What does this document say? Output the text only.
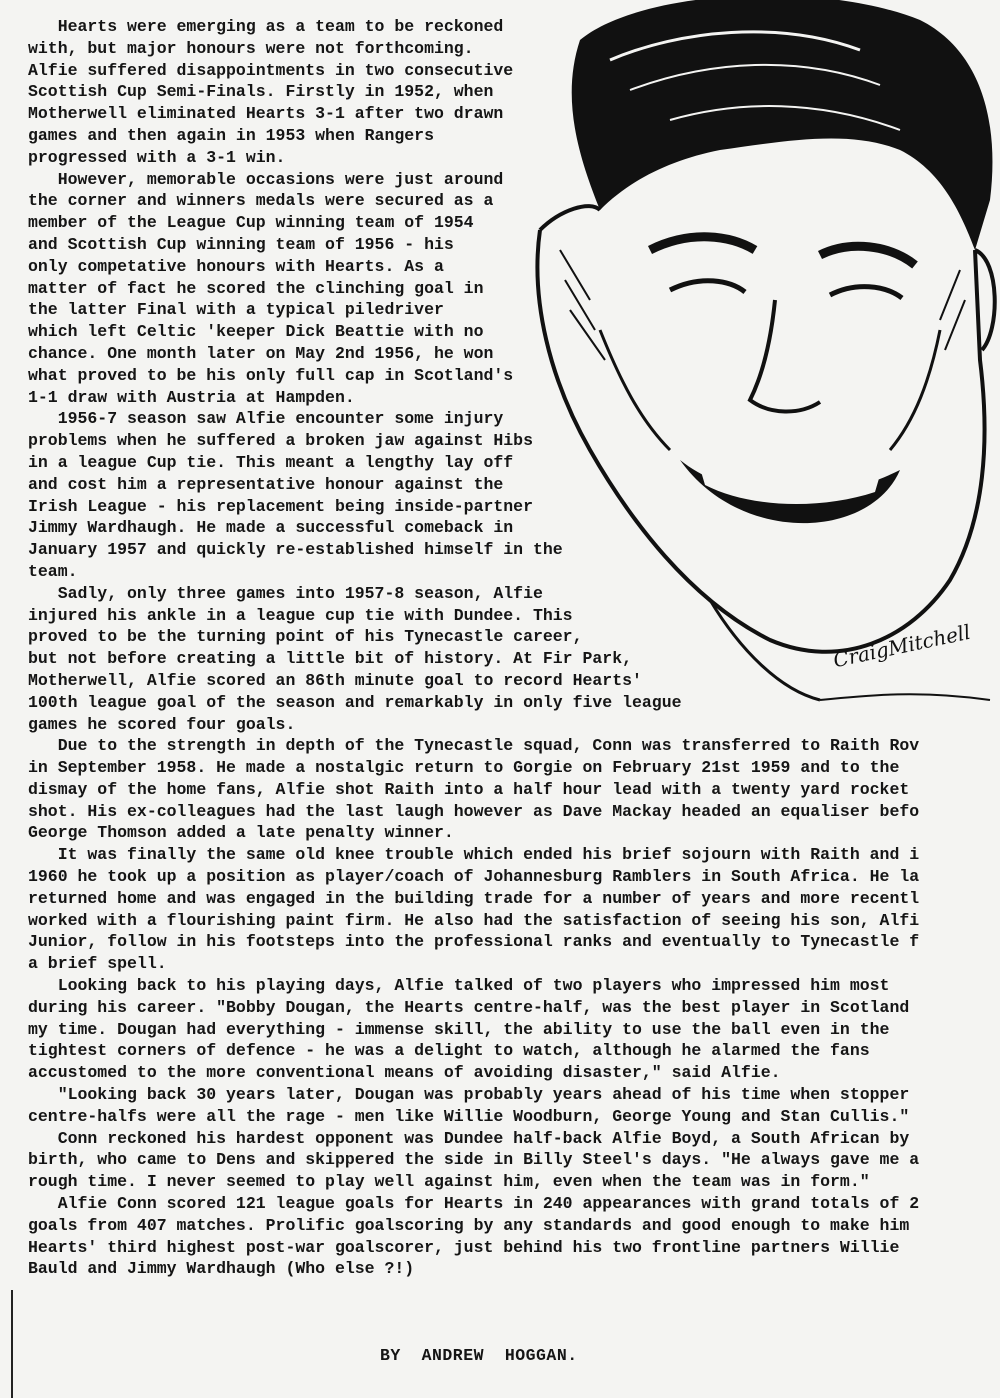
CraigMitchell
Hearts were emerging as a team to be reckoned
with, but major honours were not forthcoming.
Alfie suffered disappointments in two consecutive
Scottish Cup Semi-Finals. Firstly in 1952, when
Motherwell eliminated Hearts 3-1 after two drawn
games and then again in 1953 when Rangers
progressed with a 3-1 win.
However, memorable occasions were just around
the corner and winners medals were secured as a
member of the League Cup winning team of 1954
and Scottish Cup winning team of 1956 - his
only competative honours with Hearts. As a
matter of fact he scored the clinching goal in
the latter Final with a typical piledriver
which left Celtic 'keeper Dick Beattie with no
chance. One month later on May 2nd 1956, he won
what proved to be his only full cap in Scotland's
1-1 draw with Austria at Hampden.
1956-7 season saw Alfie encounter some injury
problems when he suffered a broken jaw against Hibs
in a league Cup tie. This meant a lengthy lay off
and cost him a representative honour against the
Irish League - his replacement being inside-partner
Jimmy Wardhaugh. He made a successful comeback in
January 1957 and quickly re-established himself in the
team.
Sadly, only three games into 1957-8 season, Alfie
injured his ankle in a league cup tie with Dundee. This
proved to be the turning point of his Tynecastle career,
but not before creating a little bit of history. At Fir Park,
Motherwell, Alfie scored an 86th minute goal to record Hearts'
100th league goal of the season and remarkably in only five league
games he scored four goals.
Due to the strength in depth of the Tynecastle squad, Conn was transferred to Raith Rov
in September 1958. He made a nostalgic return to Gorgie on February 21st 1959 and to the
dismay of the home fans, Alfie shot Raith into a half hour lead with a twenty yard rocket
shot. His ex-colleagues had the last laugh however as Dave Mackay headed an equaliser befo
George Thomson added a late penalty winner.
It was finally the same old knee trouble which ended his brief sojourn with Raith and i
1960 he took up a position as player/coach of Johannesburg Ramblers in South Africa. He la
returned home and was engaged in the building trade for a number of years and more recentl
worked with a flourishing paint firm. He also had the satisfaction of seeing his son, Alfi
Junior, follow in his footsteps into the professional ranks and eventually to Tynecastle f
a brief spell.
Looking back to his playing days, Alfie talked of two players who impressed him most
during his career. "Bobby Dougan, the Hearts centre-half, was the best player in Scotland
my time. Dougan had everything - immense skill, the ability to use the ball even in the
tightest corners of defence - he was a delight to watch, although he alarmed the fans
accustomed to the more conventional means of avoiding disaster," said Alfie.
"Looking back 30 years later, Dougan was probably years ahead of his time when stopper
centre-halfs were all the rage - men like Willie Woodburn, George Young and Stan Cullis."
Conn reckoned his hardest opponent was Dundee half-back Alfie Boyd, a South African by
birth, who came to Dens and skippered the side in Billy Steel's days. "He always gave me a
rough time. I never seemed to play well against him, even when the team was in form."
Alfie Conn scored 121 league goals for Hearts in 240 appearances with grand totals of 2
goals from 407 matches. Prolific goalscoring by any standards and good enough to make him
Hearts' third highest post-war goalscorer, just behind his two frontline partners Willie
Bauld and Jimmy Wardhaugh (Who else ?!)
BY  ANDREW  HOGGAN.
